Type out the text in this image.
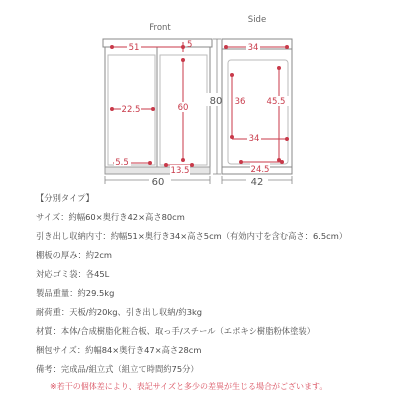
Front
51	5
22.5	60
5.5
13.5
60
80
Side
34
36 45.5
34
24.5
42
【分別タイプ】
サイズ：約幅60×奥行き42×高さ80cm
引き出し収納内寸：約幅51×奥行き34×高さ5cm（有効内寸を含む高さ：6.5cm）
棚板の厚み：約2cm
対応ゴミ袋：各45L
製品重量：約29.5kg
耐荷重：天板/約20kg、引き出し収納/約3kg
材質：本体/合成樹脂化粧合板、取っ手/スチール（エポキシ樹脂粉体塗装）
梱包サイズ：約幅84×奥行き47×高さ28cm
備考：完成品/組立式（組立て時間約75分）
※若干の個体差により、表記サイズと多少の差異が生じる場合がございます。
